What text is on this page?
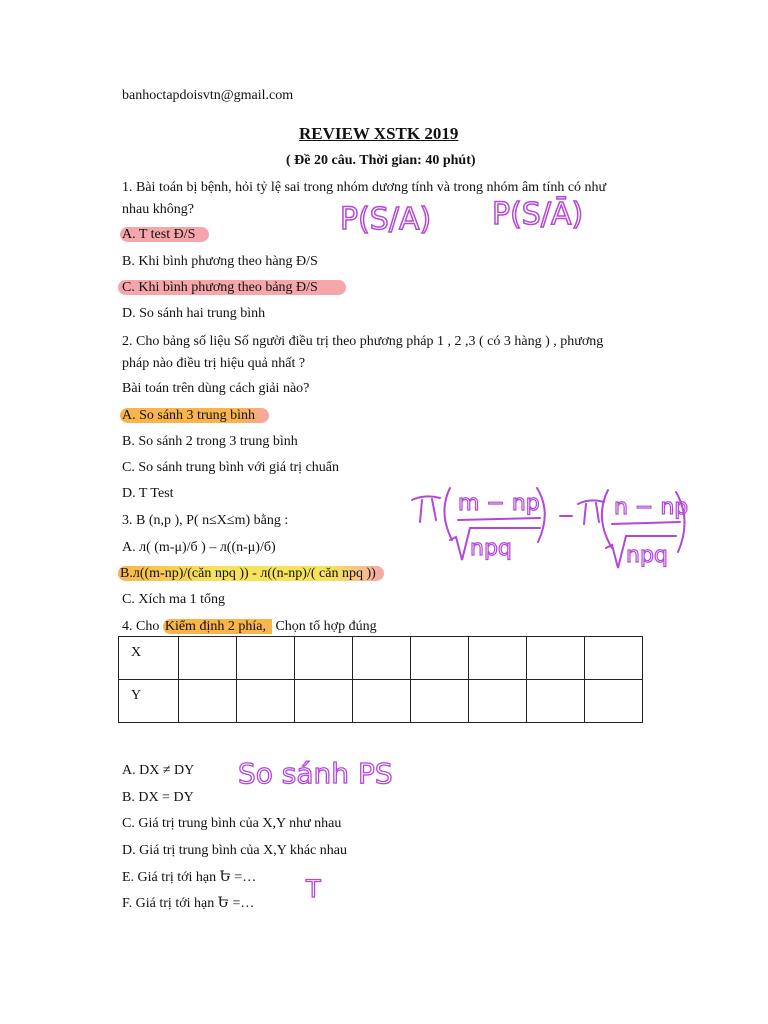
banhoctapdoisvtn@gmail.com
REVIEW XSTK 2019
( Đề 20 câu. Thời gian: 40 phút)
1. Bài toán bị bệnh, hỏi tỷ lệ sai trong nhóm dương tính và trong nhóm âm tính có như
nhau không?
A. T test Đ/S
B. Khi bình phương theo hàng Đ/S
C. Khi bình phương theo bảng Đ/S
D. So sánh hai trung bình
2. Cho bảng số liệu Số người điều trị theo phương pháp 1 , 2 ,3 ( có 3 hàng ) , phương
pháp nào điều trị hiệu quả nhất ?
Bài toán trên dùng cách giải nào?
A. So sánh 3 trung bình
B. So sánh 2 trong 3 trung bình
C. So sánh trung bình với giá trị chuẩn
D. T Test
3. B (n,p ), P( n≤X≤m) bằng :
A. л( (m-μ)/б ) – л((n-μ)/б)
B.л((m-np)/(căn npq )) - л((n-np)/( căn npq ))
C. Xích ma 1 tổng
4. Cho Kiểm định 2 phía, Chọn tổ hợp đúng
X								
Y								
A. DX ≠ DY
B. DX = DY
C. Giá trị trung bình của X,Y như nhau
D. Giá trị trung bình của X,Y khác nhau
E. Giá trị tới hạn Ե =…
F. Giá trị tới hạn Ե =…
P(S/A) P(S/Ā)
m − np
npq
n − np
npq
So sánh PS
T
